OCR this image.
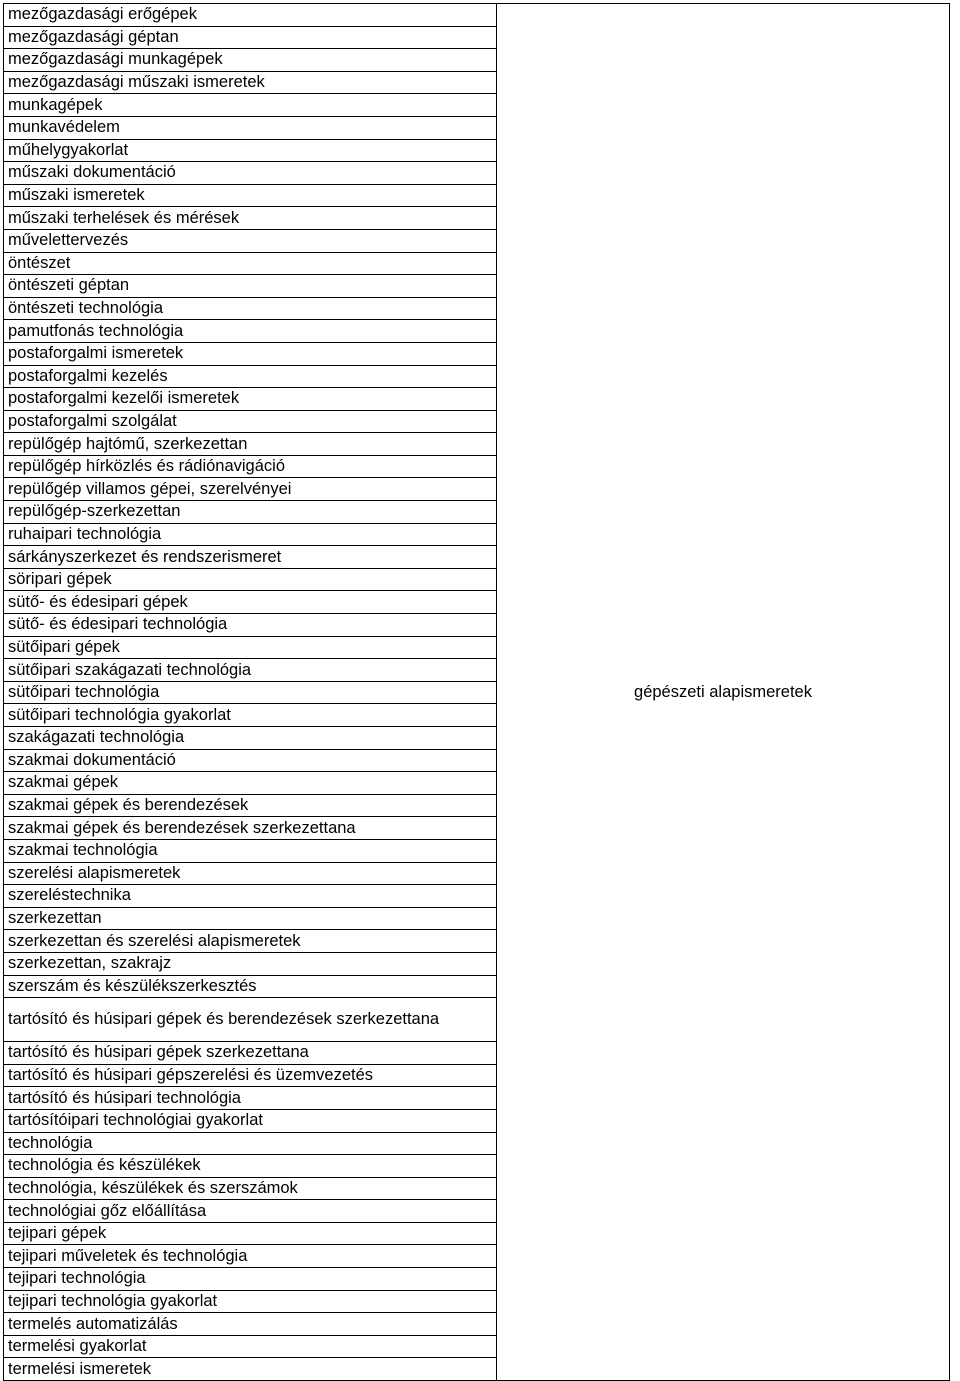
mezőgazdasági erőgépek	gépészeti alapismeretek
mezőgazdasági géptan
mezőgazdasági munkagépek
mezőgazdasági műszaki ismeretek
munkagépek
munkavédelem
műhelygyakorlat
műszaki dokumentáció
műszaki ismeretek
műszaki terhelések és mérések
művelettervezés
öntészet
öntészeti géptan
öntészeti technológia
pamutfonás technológia
postaforgalmi ismeretek
postaforgalmi kezelés
postaforgalmi kezelői ismeretek
postaforgalmi szolgálat
repülőgép hajtómű, szerkezettan
repülőgép hírközlés és rádiónavigáció
repülőgép villamos gépei, szerelvényei
repülőgép-szerkezettan
ruhaipari technológia
sárkányszerkezet és rendszerismeret
söripari gépek
sütő- és édesipari gépek
sütő- és édesipari technológia
sütőipari gépek
sütőipari szakágazati technológia
sütőipari technológia
sütőipari technológia gyakorlat
szakágazati technológia
szakmai dokumentáció
szakmai gépek
szakmai gépek és berendezések
szakmai gépek és berendezések szerkezettana
szakmai technológia
szerelési alapismeretek
szereléstechnika
szerkezettan
szerkezettan és szerelési alapismeretek
szerkezettan, szakrajz
szerszám és készülékszerkesztés
tartósító és húsipari gépek és berendezések szerkezettana
tartósító és húsipari gépek szerkezettana
tartósító és húsipari gépszerelési és üzemvezetés
tartósító és húsipari technológia
tartósítóipari technológiai gyakorlat
technológia
technológia és készülékek
technológia, készülékek és szerszámok
technológiai gőz előállítása
tejipari gépek
tejipari műveletek és technológia
tejipari technológia
tejipari technológia gyakorlat
termelés automatizálás
termelési gyakorlat
termelési ismeretek
